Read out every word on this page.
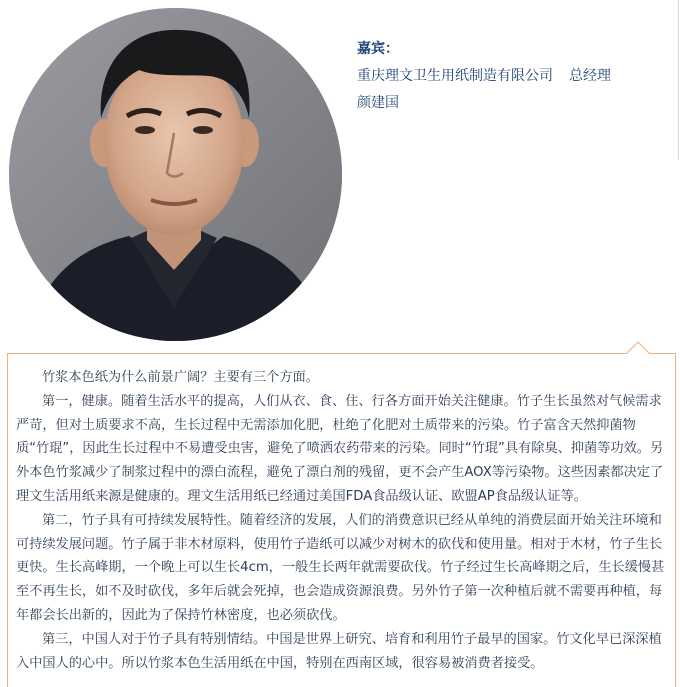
嘉宾：
重庆理文卫生用纸制造有限公司 总经理
颜建国

竹浆本色纸为什么前景广阔？主要有三个方面。

第一，健康。随着生活水平的提高，人们从衣、食、住、行各方面开始关注健康。竹子生长虽然对气候需求严苛，但对土质要求不高，生长过程中无需添加化肥，杜绝了化肥对土质带来的污染。竹子富含天然抑菌物质“竹琨”，因此生长过程中不易遭受虫害，避免了喷洒农药带来的污染。同时“竹琨”具有除臭、抑菌等功效。另外本色竹浆减少了制浆过程中的漂白流程，避免了漂白剂的残留，更不会产生AOX等污染物。这些因素都决定了理文生活用纸来源是健康的。理文生活用纸已经通过美国FDA食品级认证、欧盟AP食品级认证等。

第二，竹子具有可持续发展特性。随着经济的发展，人们的消费意识已经从单纯的消费层面开始关注环境和可持续发展问题。竹子属于非木材原料，使用竹子造纸可以减少对树木的砍伐和使用量。相对于木材，竹子生长更快。生长高峰期，一个晚上可以生长4cm，一般生长两年就需要砍伐。竹子经过生长高峰期之后，生长缓慢甚至不再生长，如不及时砍伐，多年后就会死掉，也会造成资源浪费。另外竹子第一次种植后就不需要再种植，每年都会长出新的，因此为了保持竹林密度，也必须砍伐。

第三，中国人对于竹子具有特别情结。中国是世界上研究、培育和利用竹子最早的国家。竹文化早已深深植入中国人的心中。所以竹浆本色生活用纸在中国，特别在西南区域，很容易被消费者接受。
